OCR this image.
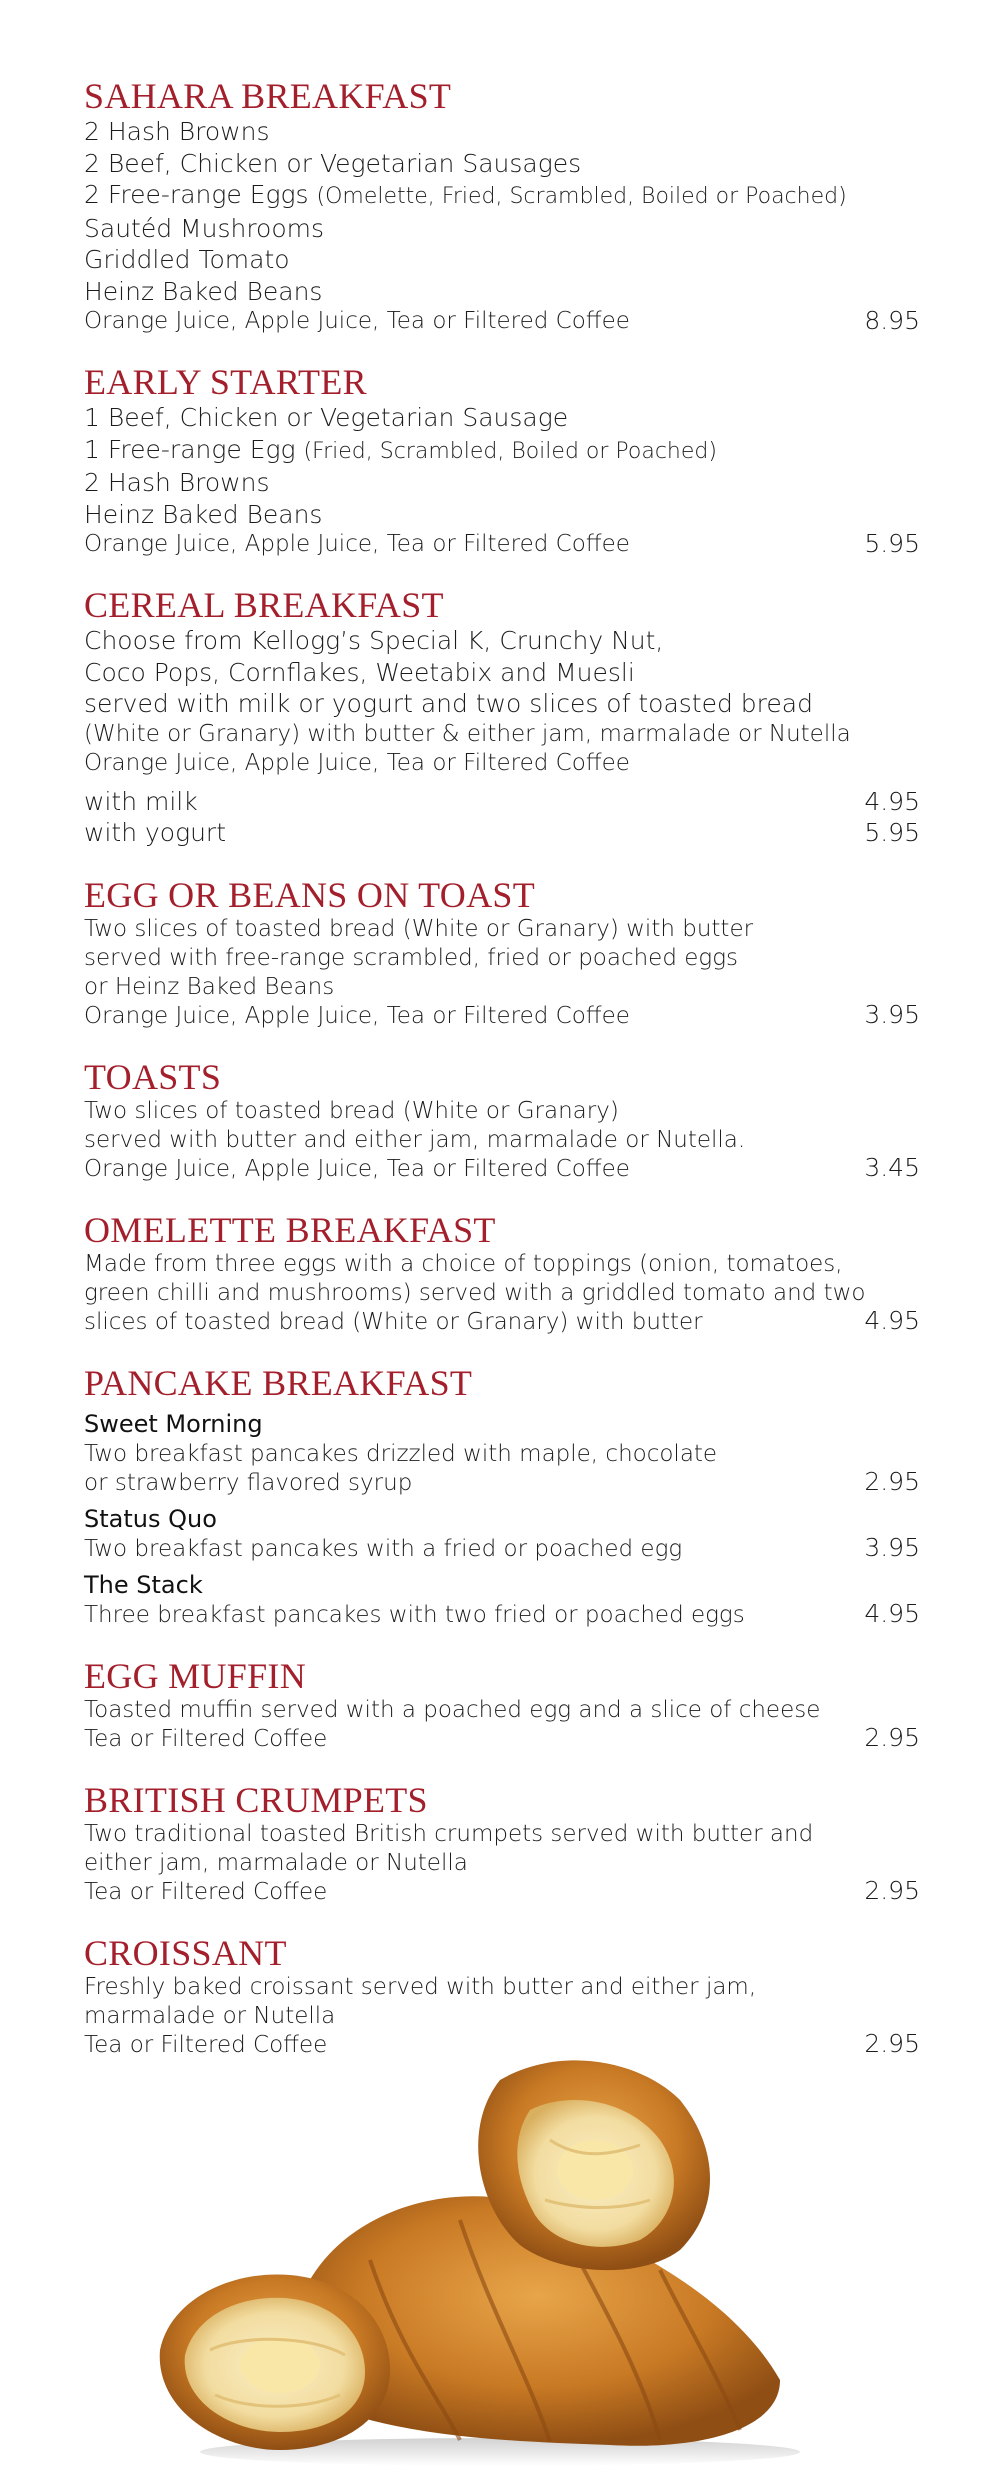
SAHARA BREAKFAST
2 Hash Browns
2 Beef, Chicken or Vegetarian Sausages
2 Free-range Eggs (Omelette, Fried, Scrambled, Boiled or Poached)
Sautéd Mushrooms
Griddled Tomato
Heinz Baked Beans
Orange Juice, Apple Juice, Tea or Filtered Coffee	8.95
EARLY STARTER
1 Beef, Chicken or Vegetarian Sausage
1 Free-range Egg (Fried, Scrambled, Boiled or Poached)
2 Hash Browns
Heinz Baked Beans
Orange Juice, Apple Juice, Tea or Filtered Coffee	5.95
CEREAL BREAKFAST
Choose from Kellogg’s Special K, Crunchy Nut,
Coco Pops, Cornflakes, Weetabix and Muesli
served with milk or yogurt and two slices of toasted bread
(White or Granary) with butter & either jam, marmalade or Nutella
Orange Juice, Apple Juice, Tea or Filtered Coffee
with milk	4.95
with yogurt	5.95
EGG OR BEANS ON TOAST
Two slices of toasted bread (White or Granary) with butter
served with free-range scrambled, fried or poached eggs
or Heinz Baked Beans
Orange Juice, Apple Juice, Tea or Filtered Coffee	3.95
TOASTS
Two slices of toasted bread (White or Granary)
served with butter and either jam, marmalade or Nutella.
Orange Juice, Apple Juice, Tea or Filtered Coffee	3.45
OMELETTE BREAKFAST
Made from three eggs with a choice of toppings (onion, tomatoes,
green chilli and mushrooms) served with a griddled tomato and two
slices of toasted bread (White or Granary) with butter	4.95
PANCAKE BREAKFAST
Sweet Morning
Two breakfast pancakes drizzled with maple, chocolate
or strawberry flavored syrup	2.95
Status Quo
Two breakfast pancakes with a fried or poached egg	3.95
The Stack
Three breakfast pancakes with two fried or poached eggs	4.95
EGG MUFFIN
Toasted muffin served with a poached egg and a slice of cheese
Tea or Filtered Coffee	2.95
BRITISH CRUMPETS
Two traditional toasted British crumpets served with butter and
either jam, marmalade or Nutella
Tea or Filtered Coffee	2.95
CROISSANT
Freshly baked croissant served with butter and either jam,
marmalade or Nutella
Tea or Filtered Coffee	2.95
